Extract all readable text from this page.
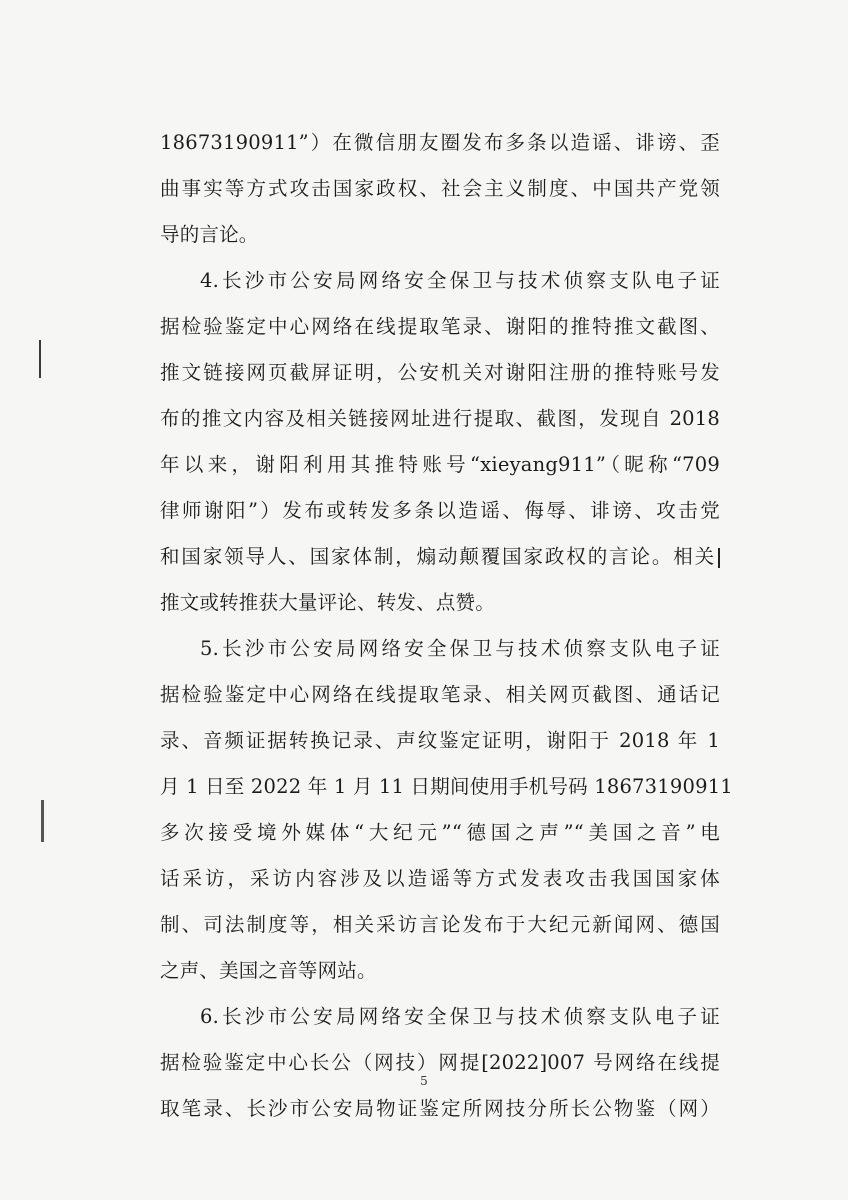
18673190911”）在微信朋友圈发布多条以造谣、诽谤、歪
曲事实等方式攻击国家政权、社会主义制度、中国共产党领
导的言论。
4.长沙市公安局网络安全保卫与技术侦察支队电子证
据检验鉴定中心网络在线提取笔录、谢阳的推特推文截图、
推文链接网页截屏证明，公安机关对谢阳注册的推特账号发
布的推文内容及相关链接网址进行提取、截图，发现自 2018
年以来，谢阳利用其推特账号“xieyang911”（昵称“709
律师谢阳”）发布或转发多条以造谣、侮辱、诽谤、攻击党
和国家领导人、国家体制，煽动颠覆国家政权的言论。相关
推文或转推获大量评论、转发、点赞。
5.长沙市公安局网络安全保卫与技术侦察支队电子证
据检验鉴定中心网络在线提取笔录、相关网页截图、通话记
录、音频证据转换记录、声纹鉴定证明，谢阳于 2018 年 1
月 1 日至 2022 年 1 月 11 日期间使用手机号码 18673190911
多次接受境外媒体“大纪元”“德国之声”“美国之音”电
话采访，采访内容涉及以造谣等方式发表攻击我国国家体
制、司法制度等，相关采访言论发布于大纪元新闻网、德国
之声、美国之音等网站。
6.长沙市公安局网络安全保卫与技术侦察支队电子证
据检验鉴定中心长公（网技）网提[2022]007 号网络在线提
取笔录、长沙市公安局物证鉴定所网技分所长公物鉴（网）
5
